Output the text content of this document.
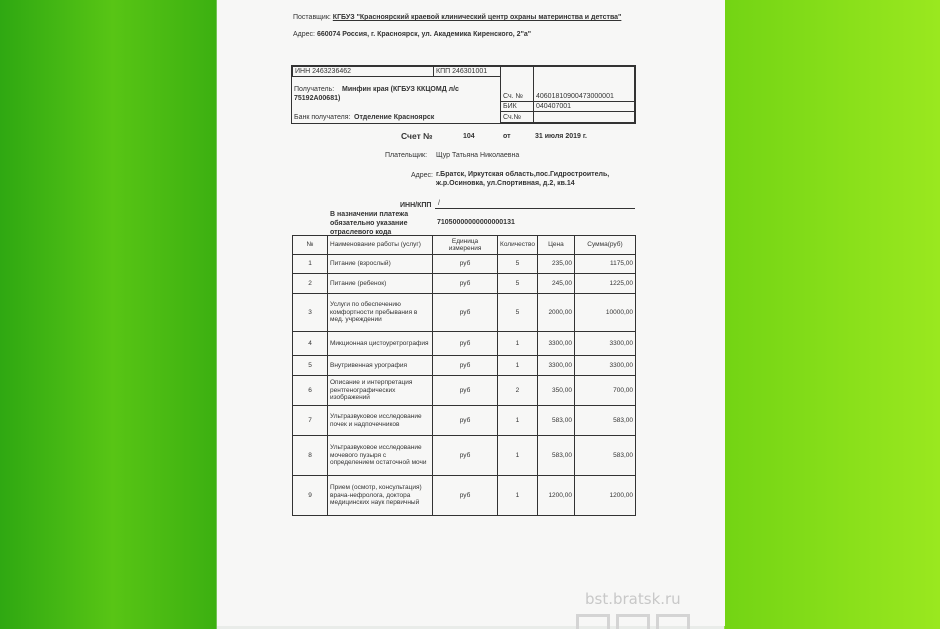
Поставщик: КГБУЗ "Красноярский краевой клинический центр охраны материнства и детства"
Адрес: 660074 Россия, г. Красноярск, ул. Академика Киренского, 2"а"
ИНН 2463236462	КПП 246301001
Сч. № 40601810900473000001
БИК	040407001
Сч.№
Получатель: Минфин края (КГБУЗ ККЦОМД л/с
75192А00681)
Банк получателя: Отделение Красноярск
Счет №	104	от	31 июля 2019 г.
Плательщик: Щур Татьяна Николаевна
Адрес: г.Братск, Иркутская область,пос.Гидростроитель,
ж.р.Осиновка, ул.Спортивная, д.2, кв.14
ИНН/КПП /
В назначении платежа
обязательно указание
отраслевого кода
71050000000000000131
№	Наименование работы (услуг)	Единица измерения	Количество	Цена	Сумма(руб)
1	Питание (взрослый)	руб	5	235,00	1175,00
2	Питание (ребенок)	руб	5	245,00	1225,00
3	Услуги по обеспечению комфортности пребывания в мед. учреждении	руб	5	2000,00	10000,00
4	Микционная цистоуретрография	руб	1	3300,00	3300,00
5	Внутривенная урография	руб	1	3300,00	3300,00
6	Описание и интерпретация рентгенографических изображений	руб	2	350,00	700,00
7	Ультразвуковое исследование почек и надпочечников	руб	1	583,00	583,00
8	Ультразвуковое исследование мочевого пузыря с определением остаточной мочи	руб	1	583,00	583,00
9	Прием (осмотр, консультация) врача-нефролога, доктора медицинских наук первичный	руб	1	1200,00	1200,00
bst.bratsk.ru
